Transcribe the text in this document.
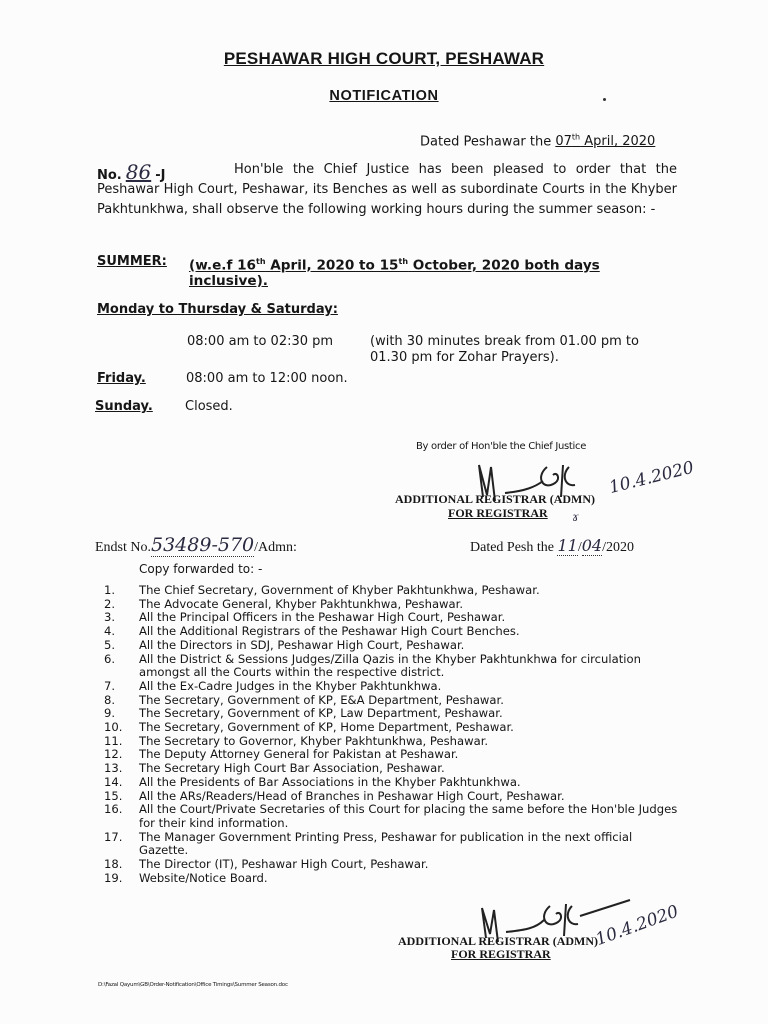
PESHAWAR HIGH COURT, PESHAWAR
NOTIFICATION
Dated Peshawar the 07th April, 2020
No. 86 -J	Hon'ble the Chief Justice has been pleased to order that the Peshawar High Court, Peshawar, its Benches as well as subordinate Courts in the Khyber Pakhtunkhwa, shall observe the following working hours during the summer season: -
SUMMER: (w.e.f 16th April, 2020 to 15th October, 2020 both days
inclusive).
Monday to Thursday & Saturday:
08:00 am to 02:30 pm	(with 30 minutes break from 01.00 pm to
01.30 pm for Zohar Prayers).
Friday.	08:00 am to 12:00 noon.
Sunday. Closed.
By order of Hon'ble the Chief Justice
ADDITIONAL REGISTRAR (ADMN)
FOR REGISTRAR
10.4.2020
ɤ
Endst No.53489-570/Admn:	Dated Pesh the 11/04/2020
Copy forwarded to: -
1.	The Chief Secretary, Government of Khyber Pakhtunkhwa, Peshawar.
2.	The Advocate General, Khyber Pakhtunkhwa, Peshawar.
3.	All the Principal Officers in the Peshawar High Court, Peshawar.
4.	All the Additional Registrars of the Peshawar High Court Benches.
5.	All the Directors in SDJ, Peshawar High Court, Peshawar.
6.	All the District & Sessions Judges/Zilla Qazis in the Khyber Pakhtunkhwa for circulation amongst all the Courts within the respective district.
7.	All the Ex-Cadre Judges in the Khyber Pakhtunkhwa.
8.	The Secretary, Government of KP, E&A Department, Peshawar.
9.	The Secretary, Government of KP, Law Department, Peshawar.
10.	The Secretary, Government of KP, Home Department, Peshawar.
11.	The Secretary to Governor, Khyber Pakhtunkhwa, Peshawar.
12.	The Deputy Attorney General for Pakistan at Peshawar.
13.	The Secretary High Court Bar Association, Peshawar.
14.	All the Presidents of Bar Associations in the Khyber Pakhtunkhwa.
15.	All the ARs/Readers/Head of Branches in Peshawar High Court, Peshawar.
16.	All the Court/Private Secretaries of this Court for placing the same before the Hon'ble Judges for their kind information.
17.	The Manager Government Printing Press, Peshawar for publication in the next official Gazette.
18.	The Director (IT), Peshawar High Court, Peshawar.
19.	Website/Notice Board.
ADDITIONAL REGISTRAR (ADMN)
FOR REGISTRAR
10.4.2020
D:\Fazal Qayum\GB\Order-Notification\Office Timings\Summer Season.doc
